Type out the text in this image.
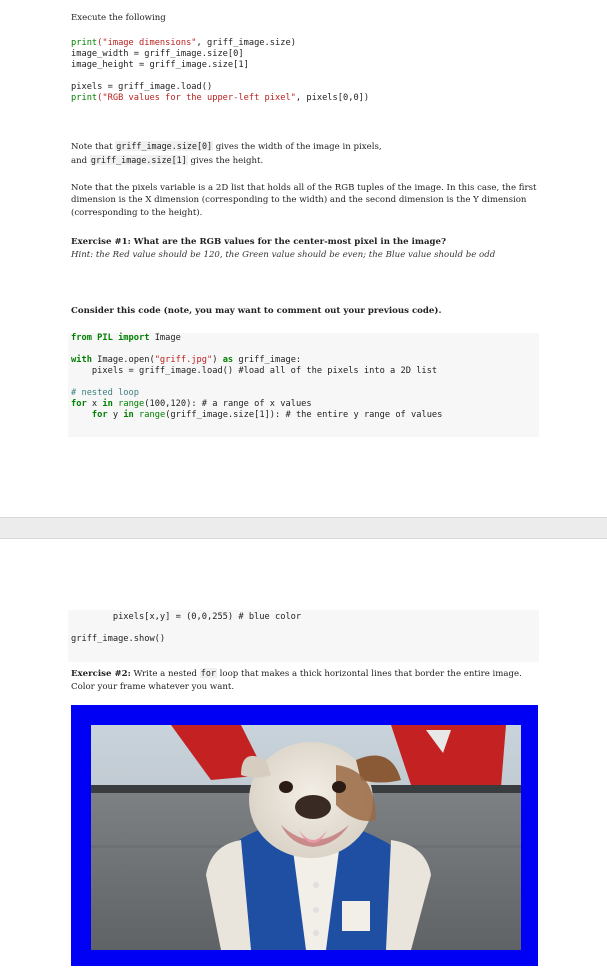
Execute the following
print("image dimensions", griff_image.size)
image_width = griff_image.size[0]
image_height = griff_image.size[1]

pixels = griff_image.load()
print("RGB values for the upper-left pixel", pixels[0,0])
Note that griff_image.size[0] gives the width of the image in pixels,
and griff_image.size[1] gives the height.
Note that the pixels variable is a 2D list that holds all of the RGB tuples of the image. In this case, the first dimension is the X dimension (corresponding to the width) and the second dimension is the Y dimension (corresponding to the height).
Exercise #1: What are the RGB values for the center-most pixel in the image?
Hint: the Red value should be 120, the Green value should be even; the Blue value should be odd
Consider this code (note, you may want to comment out your previous code).
from PIL import Image

with Image.open("griff.jpg") as griff_image:
pixels = griff_image.load() #load all of the pixels into a 2D list

# nested loop
for x in range(100,120): # a range of x values
for y in range(griff_image.size[1]): # the entire y range of values
pixels[x,y] = (0,0,255) # blue color

griff_image.show()
Exercise #2: Write a nested for loop that makes a thick horizontal lines that border the entire image.
Color your frame whatever you want.
